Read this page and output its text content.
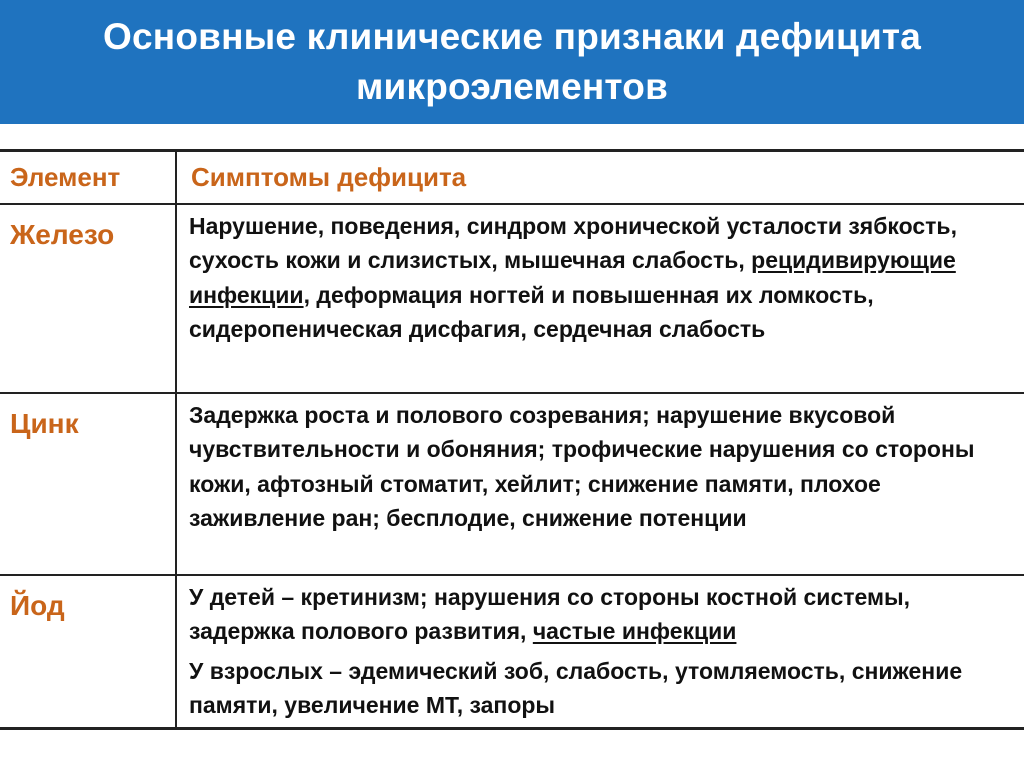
Основные клинические признаки дефицита микроэлементов
Элемент	Симптомы дефицита
Железо	Нарушение, поведения, синдром хронической усталости зябкость, сухость кожи и слизистых, мышечная слабость, рецидивирующие инфекции, деформация ногтей и повышенная их ломкость, сидеропеническая дисфагия, сердечная слабость
Цинк	Задержка роста и полового созревания; нарушение вкусовой чувствительности и обоняния; трофические нарушения со стороны кожи, афтозный стоматит, хейлит; снижение памяти, плохое заживление ран; бесплодие, снижение потенции
Йод	У детей – кретинизм; нарушения со стороны костной системы, задержка полового развития, частые инфекции

У взрослых – эдемический зоб, слабость, утомляемость, снижение памяти, увеличение МТ, запоры
